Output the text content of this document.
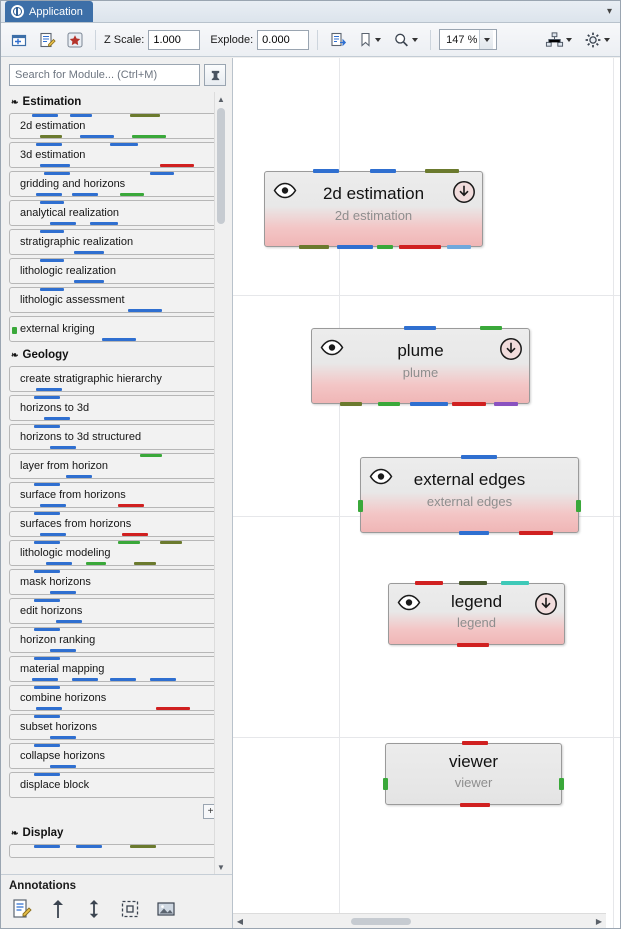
Application	▾
Z Scale:
1.000	Explode:
0.000	147 %
Search for Module... (Ctrl+M)
❧ Estimation
2d estimation
3d estimation
gridding and horizons
analytical realization
stratigraphic realization
lithologic realization
lithologic assessment
external kriging
❧ Geology
create stratigraphic hierarchy
horizons to 3d
horizons to 3d structured
layer from horizon
surface from horizons
surfaces from horizons
lithologic modeling
mask horizons
edit horizons
horizon ranking
material mapping
combine horizons
subset horizons
collapse horizons
displace block
+
❧ Display
▲
▼
Annotations
2d estimation
2d estimation
plume
plume
external edges
external edges
legend
legend
viewer
viewer
◀	▶
